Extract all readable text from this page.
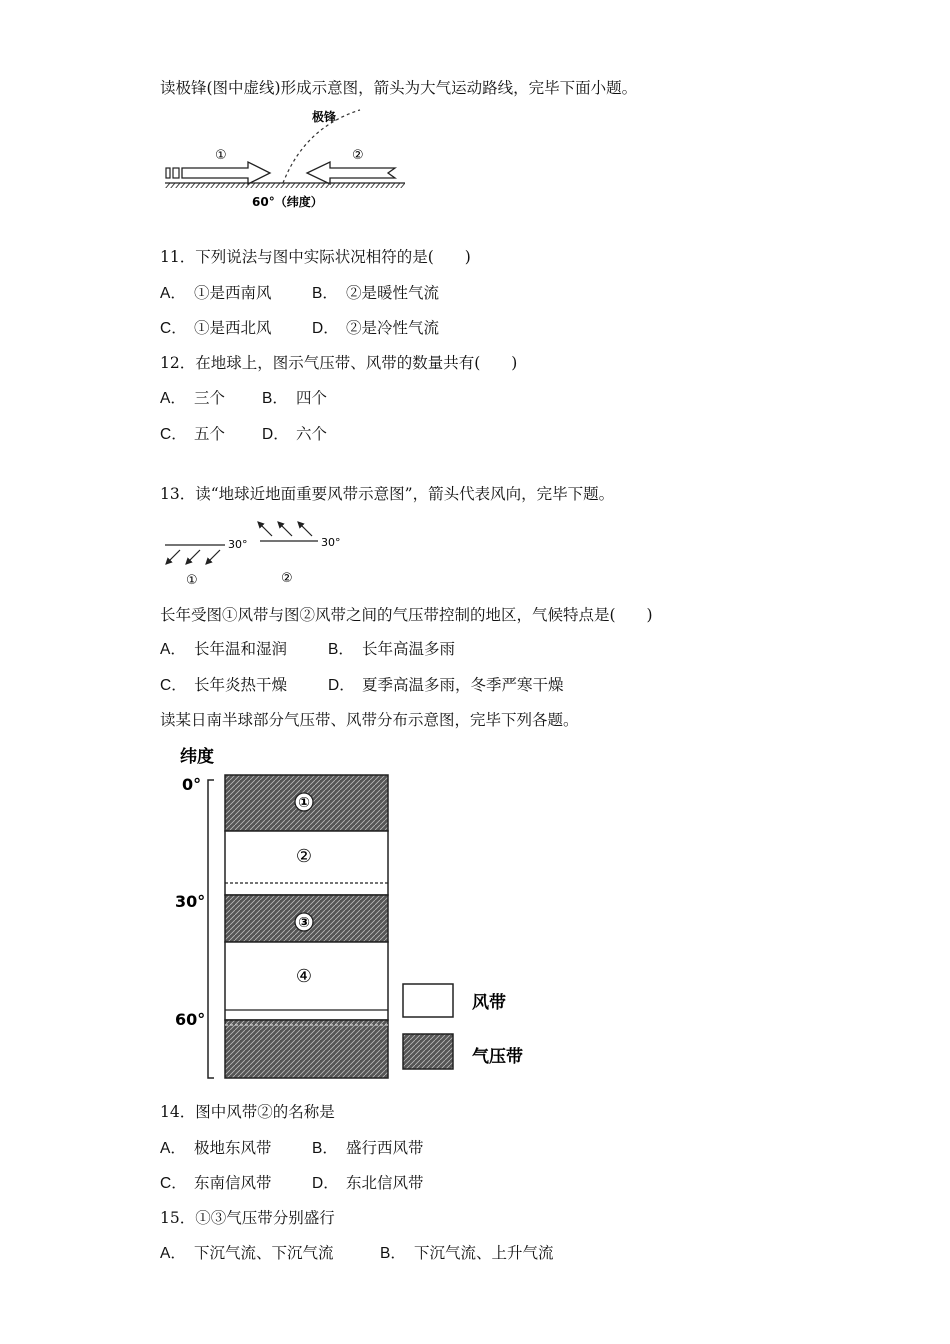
读极锋(图中虚线)形成示意图，箭头为大气运动路线，完毕下面小题。
极锋
①	②
60°（纬度）
11．下列说法与图中实际状况相符的是(　　)
A． ①是西南风	B． ②是暖性气流
C． ①是西北风	D． ②是冷性气流
12．在地球上，图示气压带、风带的数量共有(　　)
A． 三个 B． 四个
C． 五个 D． 六个
13．读“地球近地面重要风带示意图”，箭头代表风向，完毕下题。
30°
①
30°
②
长年受图①风带与图②风带之间的气压带控制的地区，气候特点是(　　)
A． 长年温和湿润	B． 长年高温多雨
C． 长年炎热干燥	D． 夏季高温多雨，冬季严寒干燥
读某日南半球部分气压带、风带分布示意图，完毕下列各题。
纬度
0°
30°
60°
①
②
③
④
风带
气压带
14．图中风带②的名称是
A． 极地东风带	B． 盛行西风带
C． 东南信风带	D． 东北信风带
15．①③气压带分别盛行
A． 下沉气流、下沉气流	B． 下沉气流、上升气流
